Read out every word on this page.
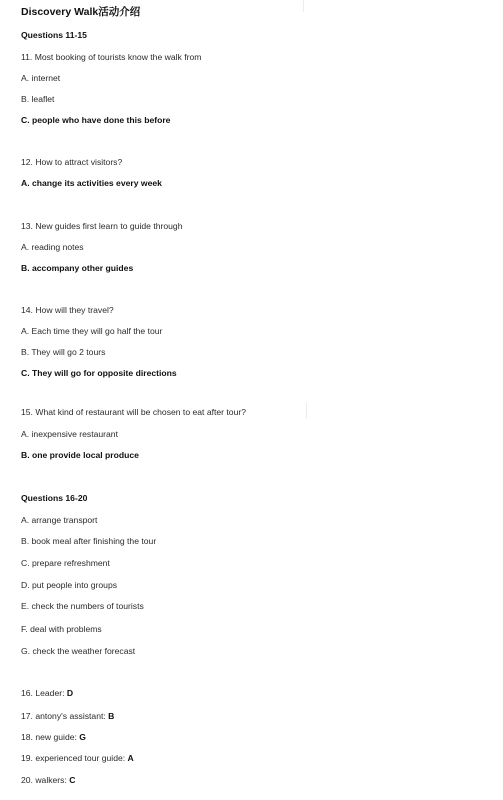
Discovery Walk活动介绍
Questions 11-15
11. Most booking of tourists know the walk from
A. internet
B. leaflet
C. people who have done this before
12. How to attract visitors?
A. change its activities every week
13. New guides first learn to guide through
A. reading notes
B. accompany other guides
14. How will they travel?
A. Each time they will go half the tour
B. They will go 2 tours
C. They will go for opposite directions
15. What kind of restaurant will be chosen to eat after tour?
A. inexpensive restaurant
B. one provide local produce
Questions 16-20
A. arrange transport
B. book meal after finishing the tour
C. prepare refreshment
D. put people into groups
E. check the numbers of tourists
F. deal with problems
G. check the weather forecast
16. Leader: D
17. antony's assistant: B
18. new guide: G
19. experienced tour guide: A
20. walkers: C
